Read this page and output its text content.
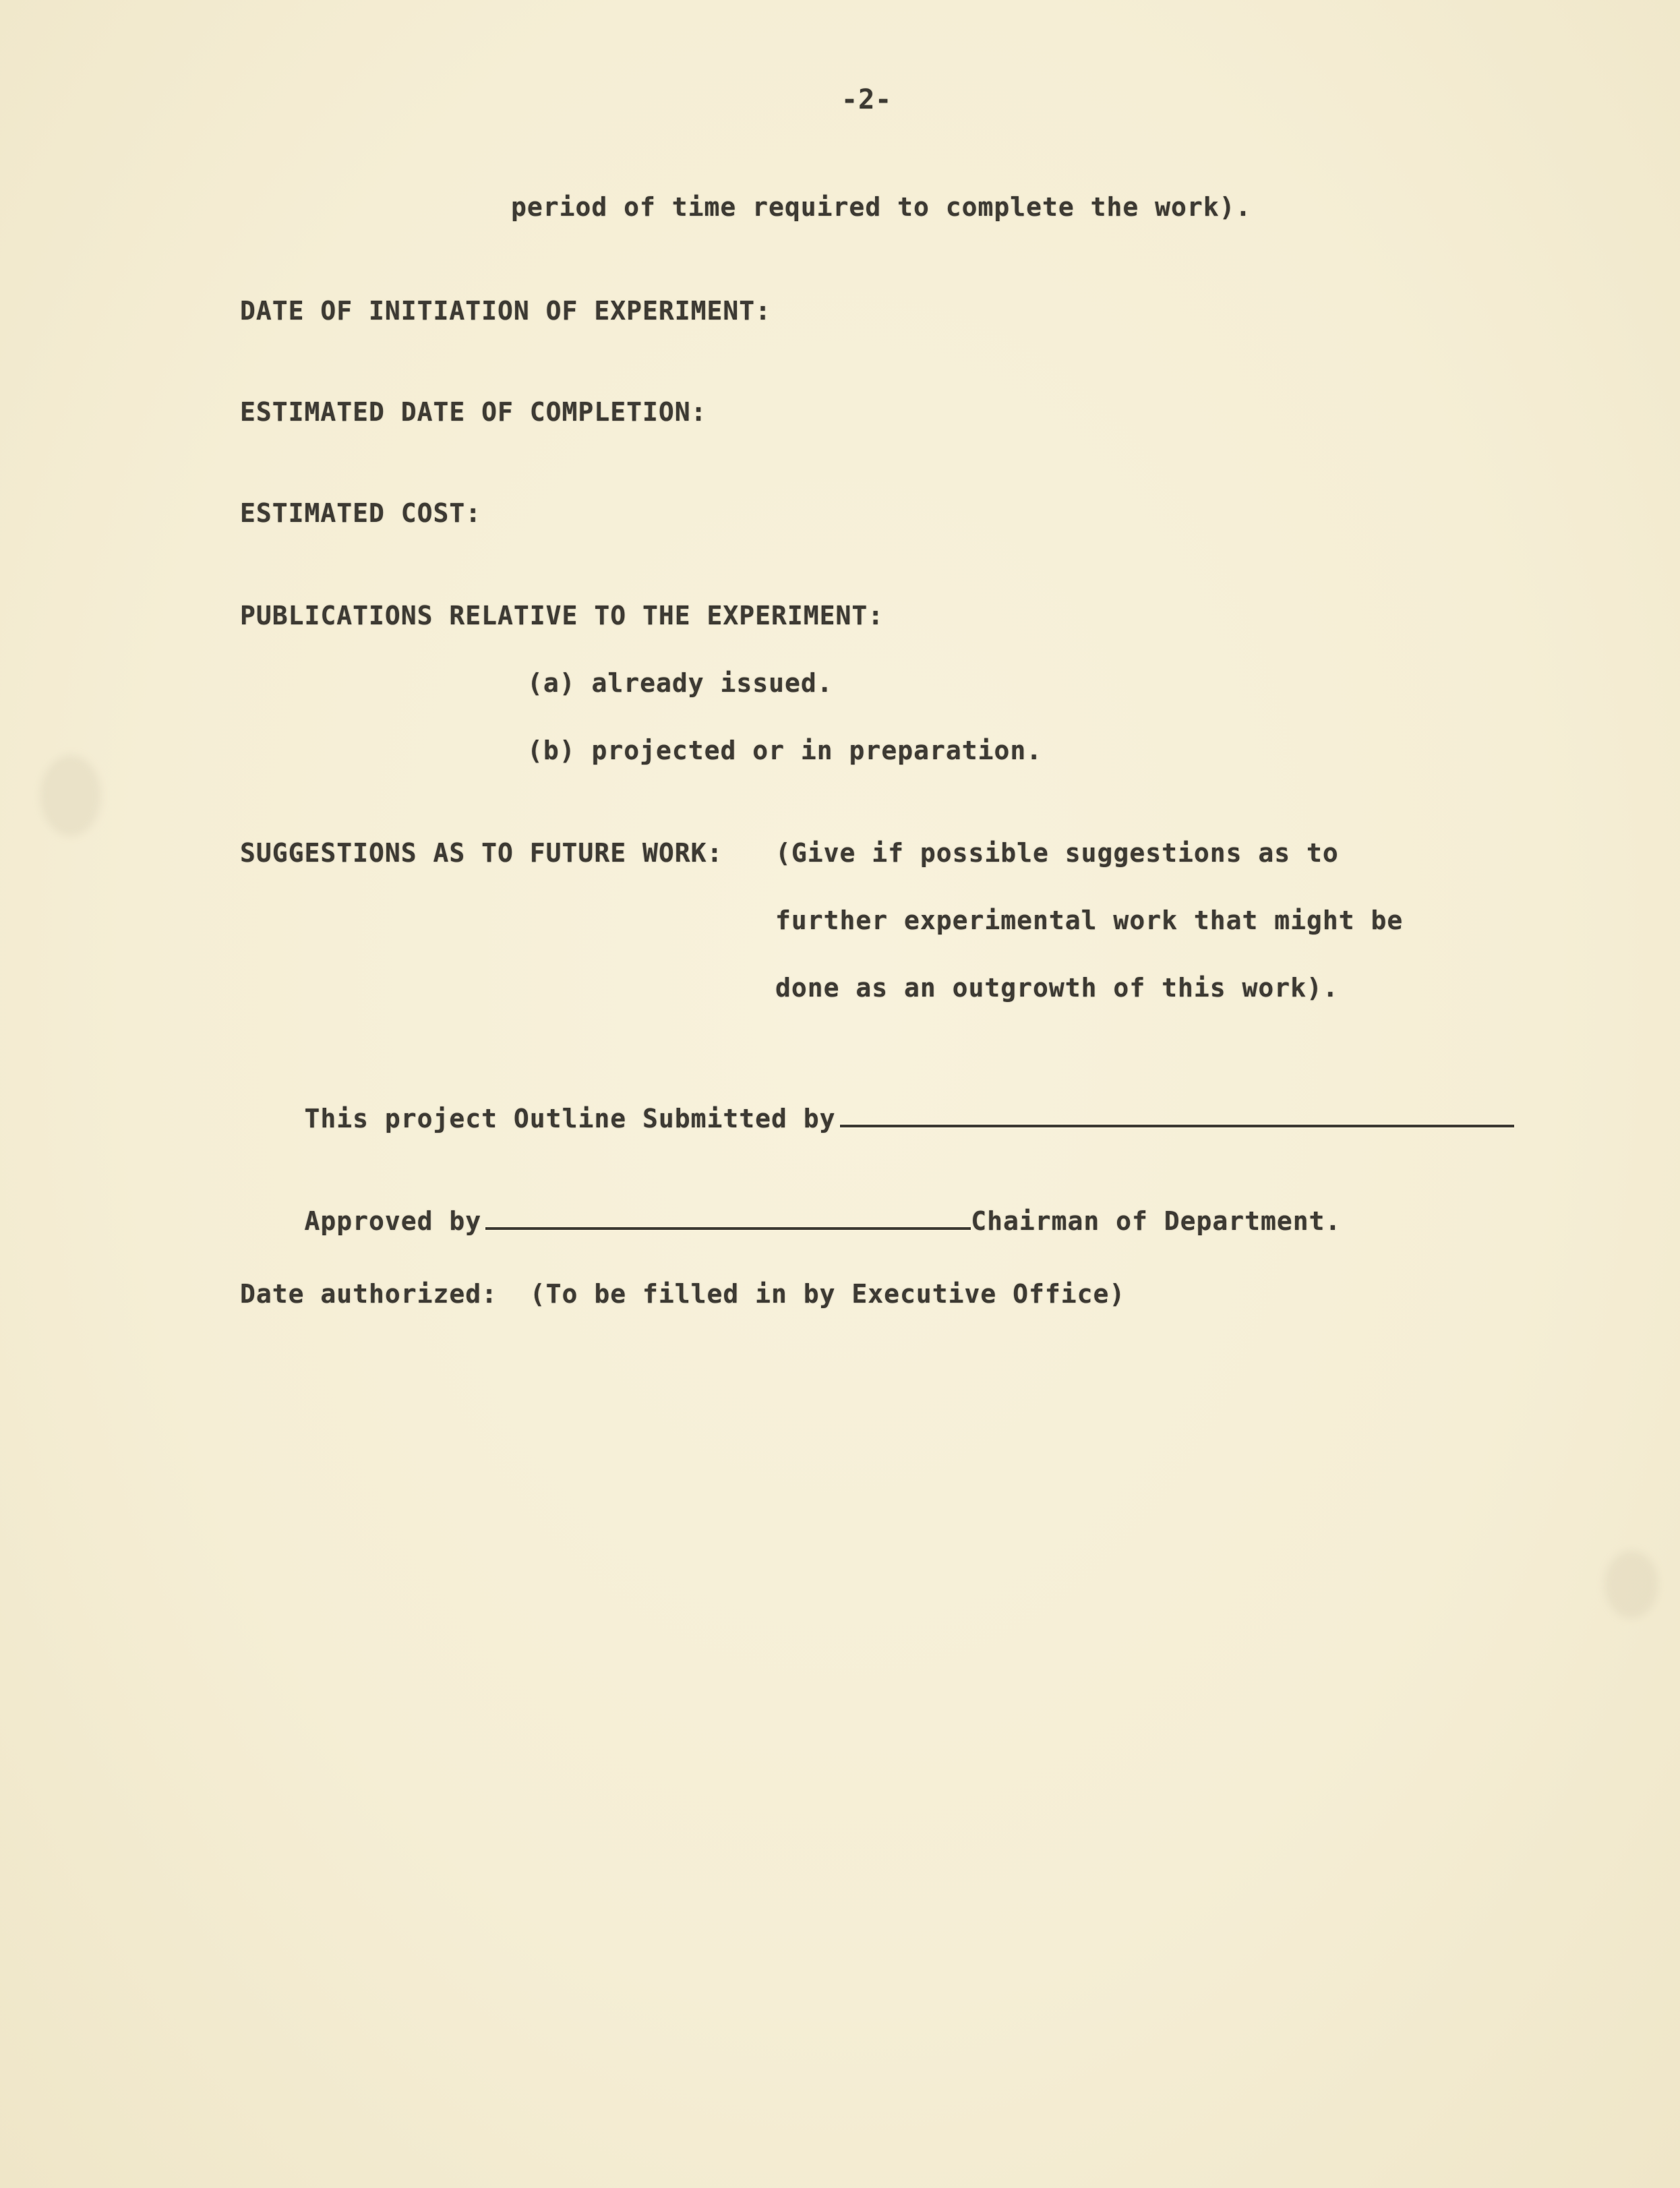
-2-
period of time required to complete the work).
DATE OF INITIATION OF EXPERIMENT:
ESTIMATED DATE OF COMPLETION:
ESTIMATED COST:
PUBLICATIONS RELATIVE TO THE EXPERIMENT:
(a) already issued.
(b) projected or in preparation.
SUGGESTIONS AS TO FUTURE WORK: (Give if possible suggestions as to
further experimental work that might be
done as an outgrowth of this work).

This project Outline Submitted by

Approved by	Chairman of Department.

Date authorized:  (To be filled in by Executive Office)
